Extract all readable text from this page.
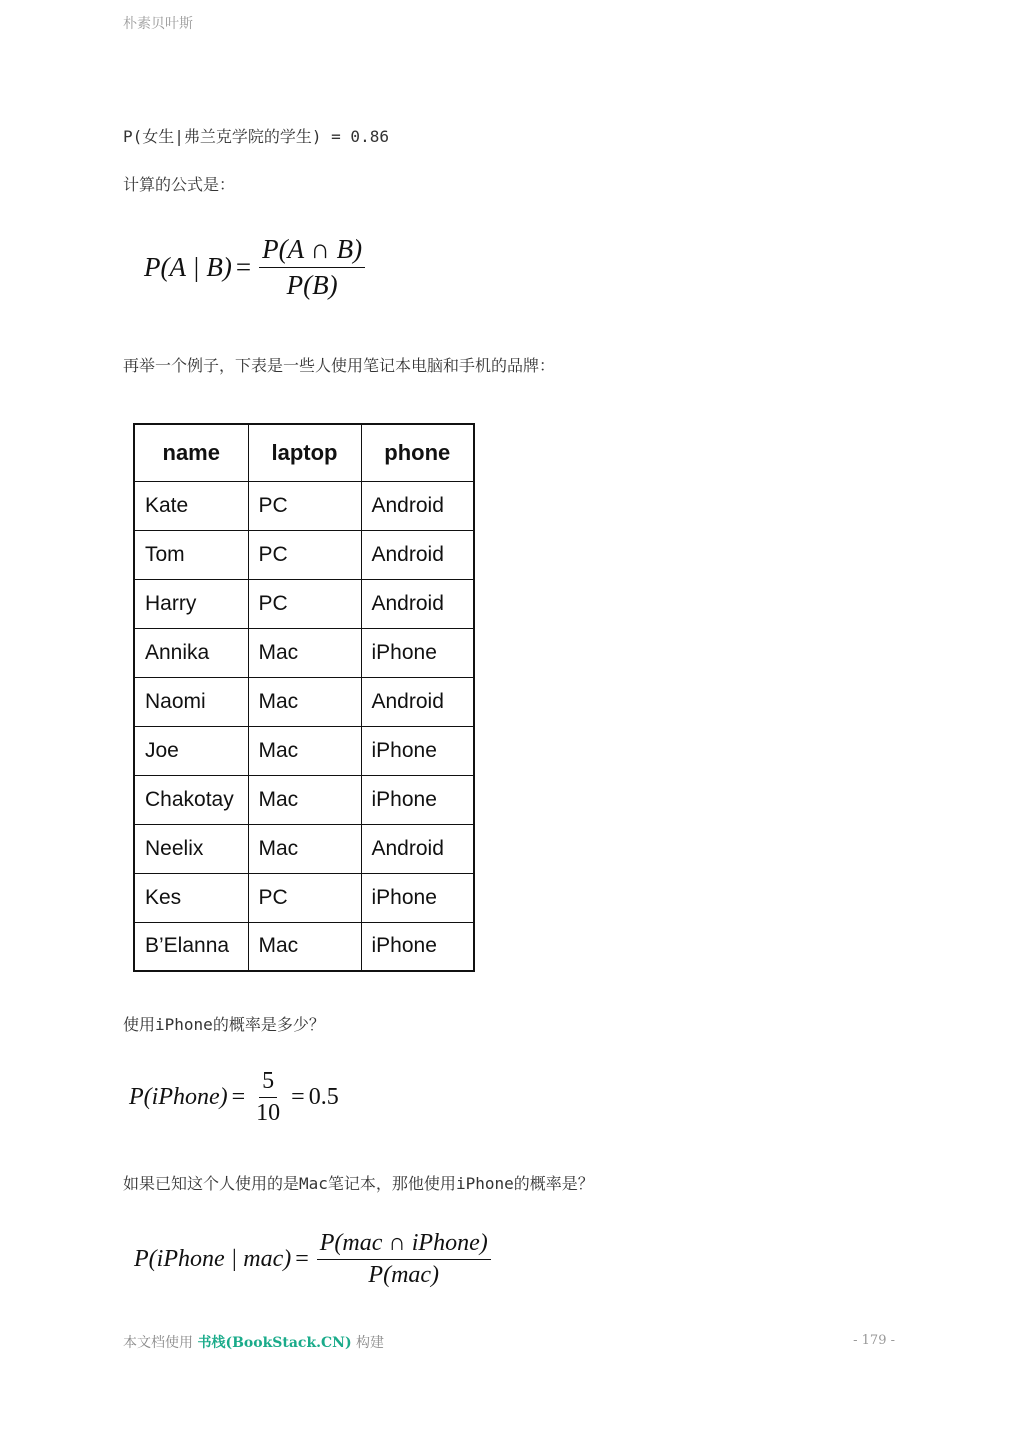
朴素贝叶斯
P(女生|弗兰克学院的学生) = 0.86
计算的公式是：
P(A | $B) = \frac{P(A \cap B)}{P(B)}$
再举一个例子，下表是一些人使用笔记本电脑和手机的品牌：
name	laptop	phone
Kate	PC	Android
Tom	PC	Android
Harry	PC	Android
Annika	Mac	iPhone
Naomi	Mac	Android
Joe	Mac	iPhone
Chakotay	Mac	iPhone
Neelix	Mac	Android
Kes	PC	iPhone
B’Elanna	Mac	iPhone
使用iPhone的概率是多少？
P(iPhone) = $\frac{5}{10} = 0.5$
如果已知这个人使用的是Mac笔记本，那他使用iPhone的概率是？
P(iPhone | $mac) = \frac{\text{P(mac ∩ iPhone)}}{\text{P(mac)}}$
本文档使用 书栈(BookStack.CN) 构建	- 179 -
